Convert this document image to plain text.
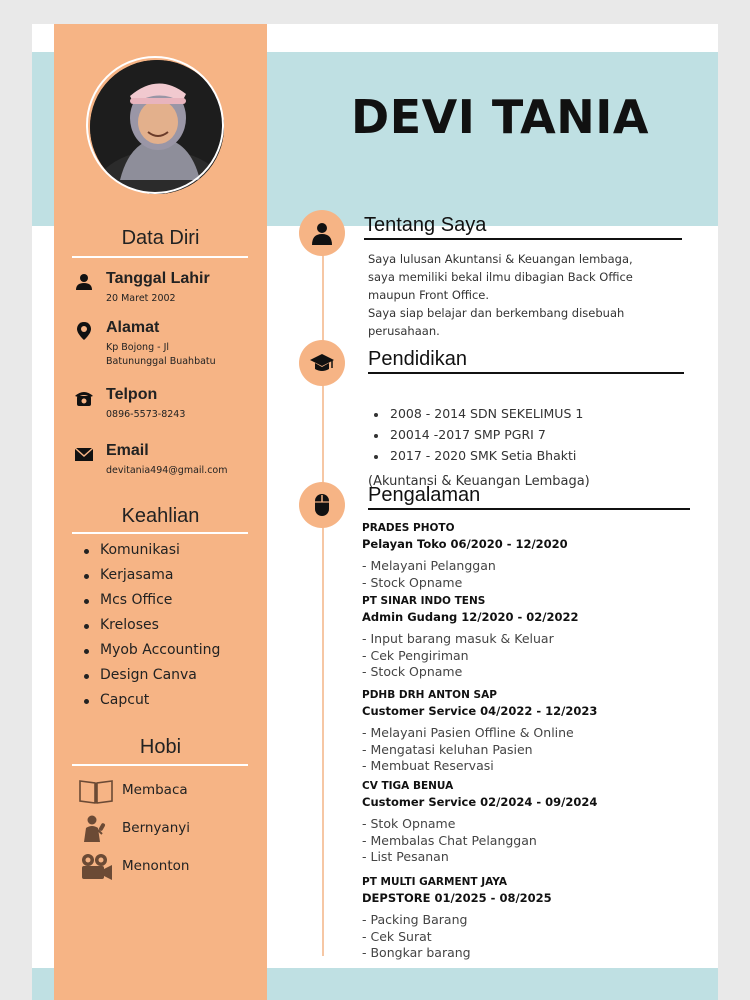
Data Diri
Tanggal Lahir
20 Maret 2002
Alamat
Kp Bojong - Jl
Batununggal Buahbatu
Telpon
0896-5573-8243
Email
devitania494@gmail.com
Keahlian
Komunikasi
Kerjasama
Mcs Office
Kreloses
Myob Accounting
Design Canva
Capcut
Hobi
Membaca
Bernyanyi
Menonton
DEVI TANIA
Tentang Saya
Saya lulusan Akuntansi & Keuangan lembaga,
saya memiliki bekal ilmu dibagian Back Office
maupun Front Office.
Saya siap belajar dan berkembang disebuah
perusahaan.
Pendidikan
2008 - 2014 SDN SEKELIMUS 1
20014 -2017 SMP PGRI 7
2017 - 2020 SMK Setia Bhakti
(Akuntansi & Keuangan Lembaga)
Pengalaman
PRADES PHOTO
Pelayan Toko 06/2020 - 12/2020
- Melayani Pelanggan
- Stock Opname
PT SINAR INDO TENS
Admin Gudang 12/2020 - 02/2022
- Input barang masuk & Keluar
- Cek Pengiriman
- Stock Opname
PDHB DRH ANTON SAP
Customer Service 04/2022 - 12/2023
- Melayani Pasien Offline & Online
- Mengatasi keluhan Pasien
- Membuat Reservasi
CV TIGA BENUA
Customer Service 02/2024 - 09/2024
- Stok Opname
- Membalas Chat Pelanggan
- List Pesanan
PT MULTI GARMENT JAYA
DEPSTORE 01/2025 - 08/2025
- Packing Barang
- Cek Surat
- Bongkar barang
